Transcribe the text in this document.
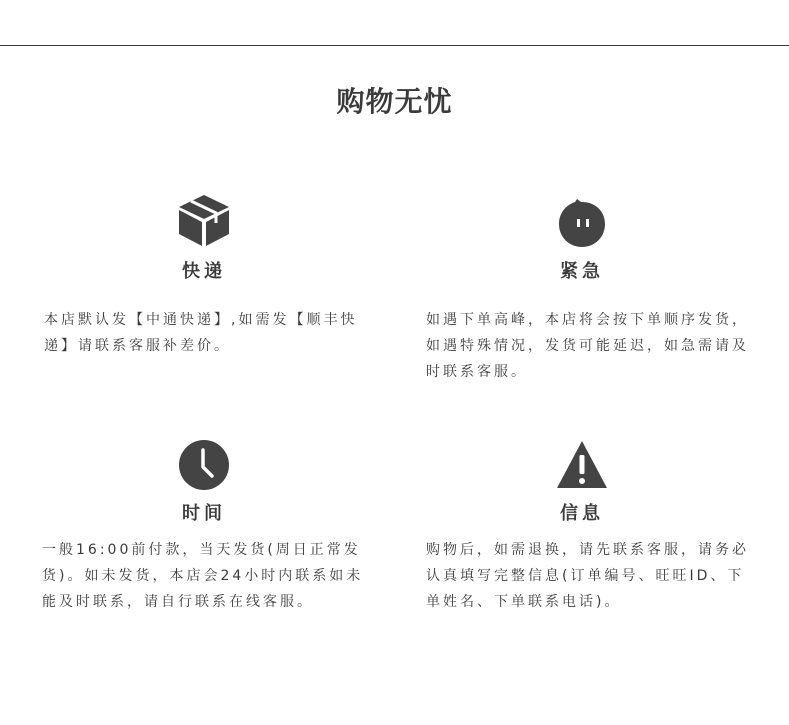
购物无忧
快递

本店默认发【中通快递】,如需发【顺丰快递】请联系客服补差价。

紧急

如遇下单高峰，本店将会按下单顺序发货，如遇特殊情况，发货可能延迟，如急需请及时联系客服。

时间

一般16:00前付款，当天发货(周日正常发货)。如未发货，本店会24小时内联系如未能及时联系，请自行联系在线客服。

信息

购物后，如需退换，请先联系客服，请务必认真填写完整信息(订单编号、旺旺ID、下单姓名、下单联系电话)。
